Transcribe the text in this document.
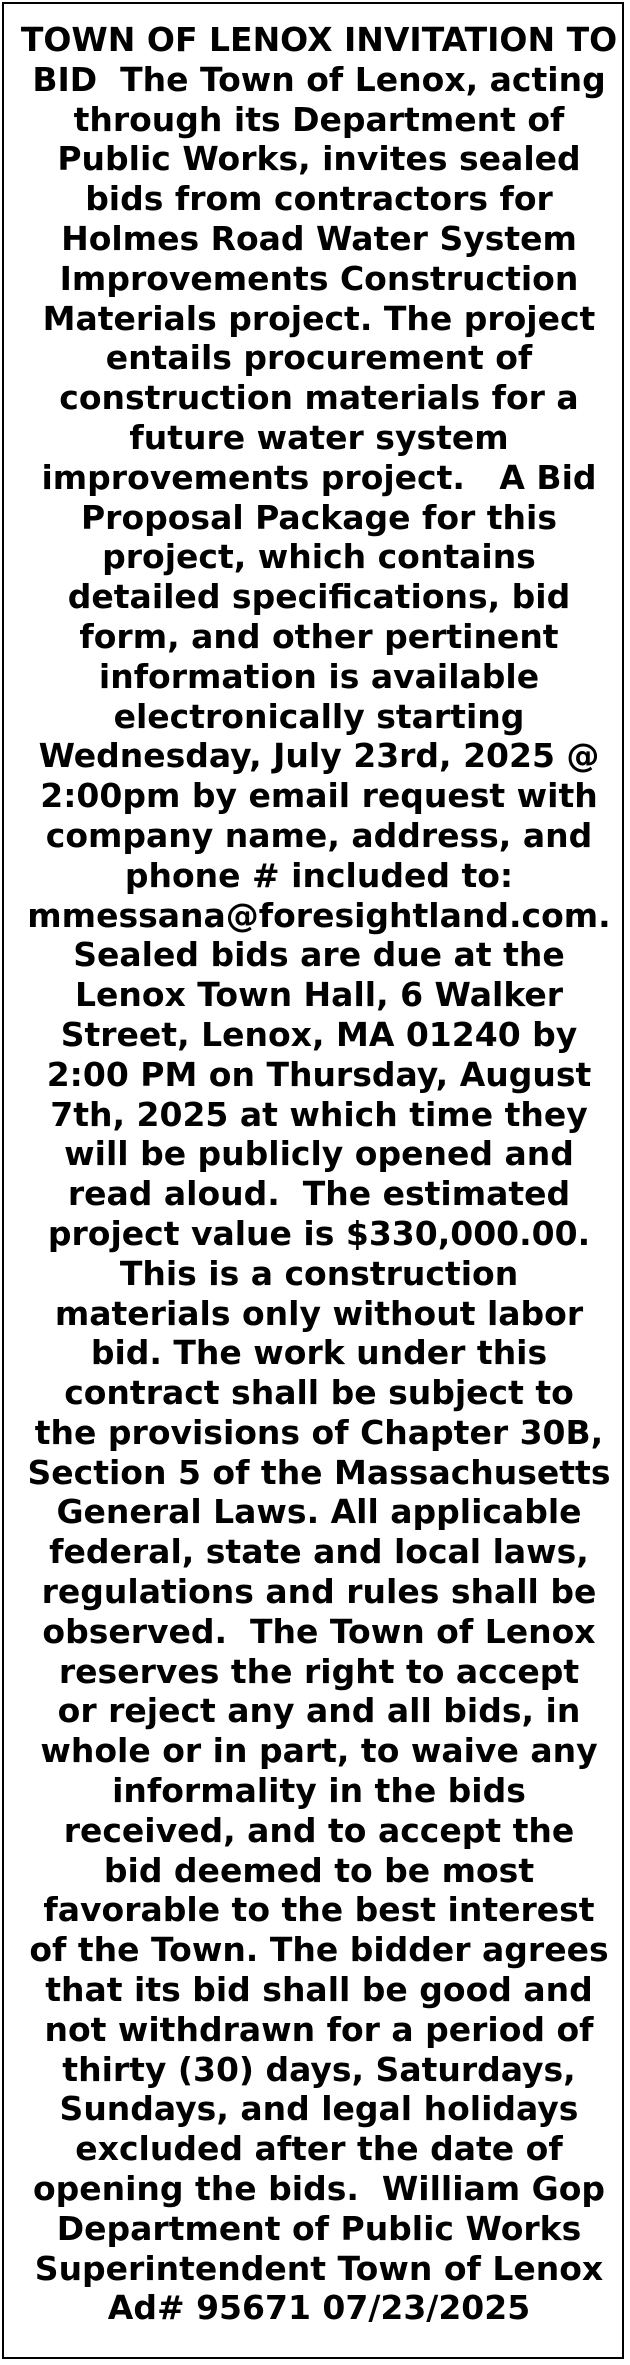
TOWN OF LENOX INVITATION TO
BID  The Town of Lenox, acting
through its Department of
Public Works, invites sealed
bids from contractors for
Holmes Road Water System
Improvements Construction
Materials project. The project
entails procurement of
construction materials for a
future water system
improvements project.   A Bid
Proposal Package for this
project, which contains
detailed specifications, bid
form, and other pertinent
information is available
electronically starting
Wednesday, July 23rd, 2025 @
2:00pm by email request with
company name, address, and
phone # included to:
mmessana@foresightland.com.
Sealed bids are due at the
Lenox Town Hall, 6 Walker
Street, Lenox, MA 01240 by
2:00 PM on Thursday, August
7th, 2025 at which time they
will be publicly opened and
read aloud.  The estimated
project value is $330,000.00.
This is a construction
materials only without labor
bid. The work under this
contract shall be subject to
the provisions of Chapter 30B,
Section 5 of the Massachusetts
General Laws. All applicable
federal, state and local laws,
regulations and rules shall be
observed.  The Town of Lenox
reserves the right to accept
or reject any and all bids, in
whole or in part, to waive any
informality in the bids
received, and to accept the
bid deemed to be most
favorable to the best interest
of the Town. The bidder agrees
that its bid shall be good and
not withdrawn for a period of
thirty (30) days, Saturdays,
Sundays, and legal holidays
excluded after the date of
opening the bids.  William Gop
Department of Public Works
Superintendent Town of Lenox
Ad# 95671 07/23/2025
